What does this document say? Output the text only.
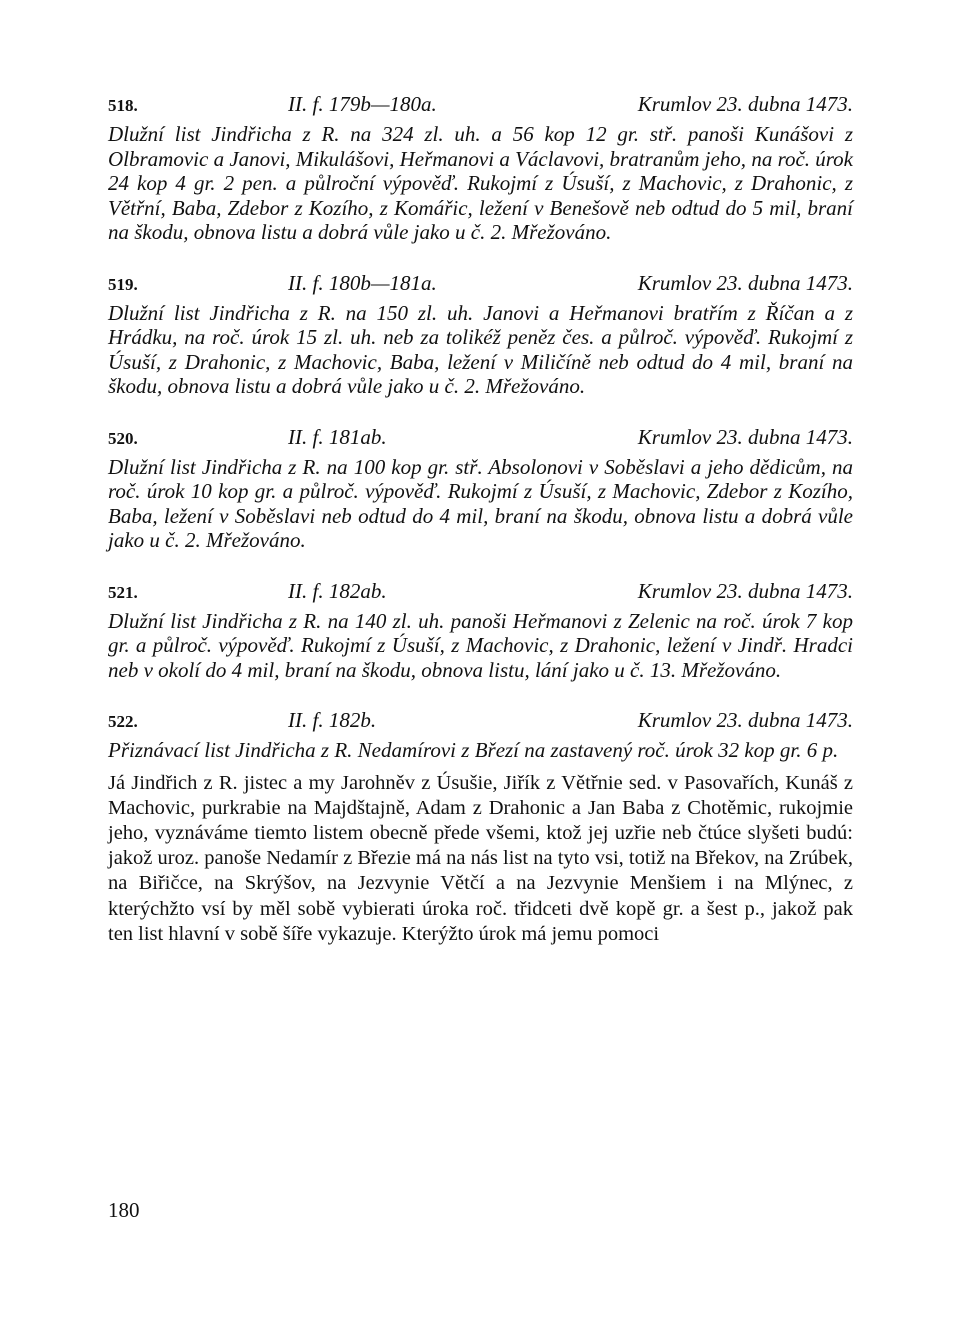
518.	II. f. 179b—180a.	Krumlov 23. dubna 1473.

Dlužní list Jindřicha z R. na 324 zl. uh. a 56 kop 12 gr. stř. panoši Kunášovi z Olbramovic a Janovi, Mikulášovi, Heřmanovi a Václavovi, bratranům jeho, na roč. úrok 24 kop 4 gr. 2 pen. a půlroční výpověď. Rukojmí z Úsuší, z Machovic, z Drahonic, z Větřní, Baba, Zdebor z Kozího, z Komářic, ležení v Benešově neb odtud do 5 mil, braní na škodu, obnova listu a dobrá vůle jako u č. 2. Mřežováno.

519.	II. f. 180b—181a.	Krumlov 23. dubna 1473.

Dlužní list Jindřicha z R. na 150 zl. uh. Janovi a Heřmanovi bratřím z Říčan a z Hrádku, na roč. úrok 15 zl. uh. neb za tolikéž peněz čes. a půlroč. výpověď. Rukojmí z Úsuší, z Drahonic, z Machovic, Baba, ležení v Miličíně neb odtud do 4 mil, braní na škodu, obnova listu a dobrá vůle jako u č. 2. Mřežováno.

520.	II. f. 181ab.	Krumlov 23. dubna 1473.

Dlužní list Jindřicha z R. na 100 kop gr. stř. Absolonovi v Soběslavi a jeho dědicům, na roč. úrok 10 kop gr. a půlroč. výpověď. Rukojmí z Úsuší, z Machovic, Zdebor z Kozího, Baba, ležení v Soběslavi neb odtud do 4 mil, braní na škodu, obnova listu a dobrá vůle jako u č. 2. Mřežováno.

521.	II. f. 182ab.	Krumlov 23. dubna 1473.

Dlužní list Jindřicha z R. na 140 zl. uh. panoši Heřmanovi z Zelenic na roč. úrok 7 kop gr. a půlroč. výpověď. Rukojmí z Úsuší, z Machovic, z Drahonic, ležení v Jindř. Hradci neb v okolí do 4 mil, braní na škodu, obnova listu, lání jako u č. 13. Mřežováno.

522.	II. f. 182b.	Krumlov 23. dubna 1473.

Přiznávací list Jindřicha z R. Nedamírovi z Březí na zastavený roč. úrok 32 kop gr. 6 p.

Já Jindřich z R. jistec a my Jarohněv z Úsušie, Jiřík z Větřnie sed. v Pasovařích, Kunáš z Machovic, purkrabie na Majdštajně, Adam z Drahonic a Jan Baba z Chotěmic, rukojmie jeho, vyznáváme tiemto listem obecně přede všemi, ktož jej uzřie neb čtúce slyšeti budú: jakož uroz. panoše Nedamír z Březie má na nás list na tyto vsi, totiž na Břekov, na Zrúbek, na Biřičce, na Skrýšov, na Jezvynie Větčí a na Jezvynie Menšiem i na Mlýnec, z kterýchžto vsí by měl sobě vybierati úroka roč. třidceti dvě kopě gr. a šest p., jakož pak ten list hlavní v sobě šíře vykazuje. Kterýžto úrok má jemu pomoci

180
